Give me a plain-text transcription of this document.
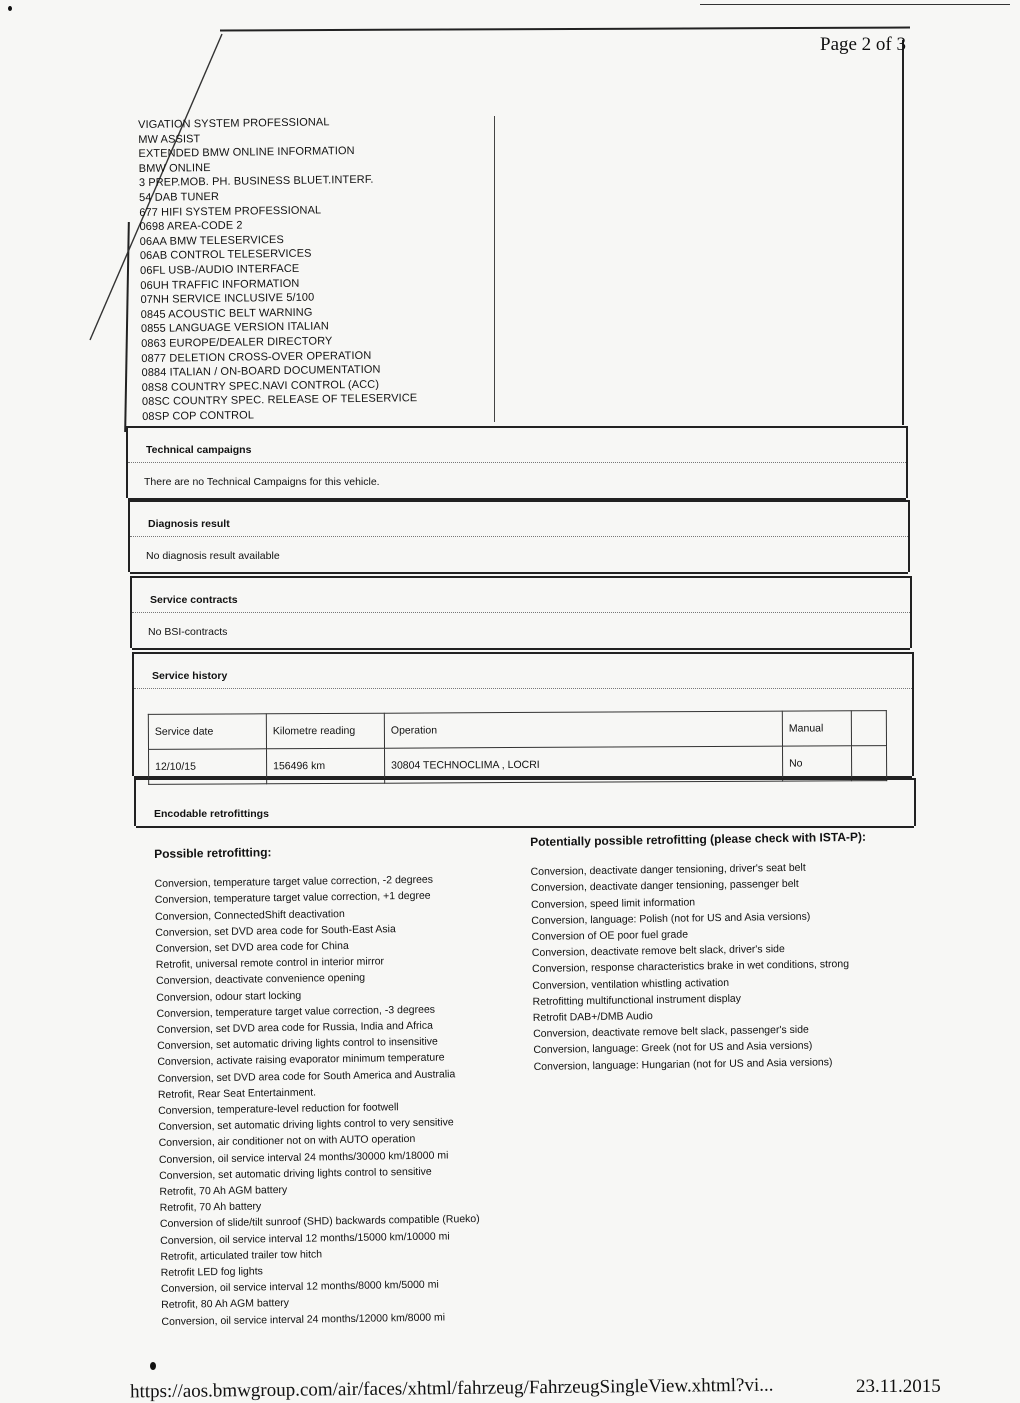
Page 2 of 3
VIGATION SYSTEM PROFESSIONAL
MW ASSIST
EXTENDED BMW ONLINE INFORMATION
BMW ONLINE
3 PREP.MOB. PH. BUSINESS BLUET.INTERF.
54 DAB TUNER
677 HIFI SYSTEM PROFESSIONAL
0698 AREA-CODE 2
06AA BMW TELESERVICES
06AB CONTROL TELESERVICES
06FL USB-/AUDIO INTERFACE
06UH TRAFFIC INFORMATION
07NH SERVICE INCLUSIVE 5/100
0845 ACOUSTIC BELT WARNING
0855 LANGUAGE VERSION ITALIAN
0863 EUROPE/DEALER DIRECTORY
0877 DELETION CROSS-OVER OPERATION
0884 ITALIAN / ON-BOARD DOCUMENTATION
08S8 COUNTRY SPEC.NAVI CONTROL (ACC)
08SC COUNTRY SPEC. RELEASE OF TELESERVICE
08SP COP CONTROL
Technical campaigns
There are no Technical Campaigns for this vehicle.
Diagnosis result
No diagnosis result available
Service contracts
No BSI-contracts
Service history
Service date	Kilometre reading	Operation	Manual	
12/10/15	156496 km	30804 TECHNOCLIMA , LOCRI	No	
Encodable retrofittings
Possible retrofitting:
Conversion, temperature target value correction, -2 degrees
Conversion, temperature target value correction, +1 degree
Conversion, ConnectedShift deactivation
Conversion, set DVD area code for South-East Asia
Conversion, set DVD area code for China
Retrofit, universal remote control in interior mirror
Conversion, deactivate convenience opening
Conversion, odour start locking
Conversion, temperature target value correction, -3 degrees
Conversion, set DVD area code for Russia, India and Africa
Conversion, set automatic driving lights control to insensitive
Conversion, activate raising evaporator minimum temperature
Conversion, set DVD area code for South America and Australia
Retrofit, Rear Seat Entertainment.
Conversion, temperature-level reduction for footwell
Conversion, set automatic driving lights control to very sensitive
Conversion, air conditioner not on with AUTO operation
Conversion, oil service interval 24 months/30000 km/18000 mi
Conversion, set automatic driving lights control to sensitive
Retrofit, 70 Ah AGM battery
Retrofit, 70 Ah battery
Conversion of slide/tilt sunroof (SHD) backwards compatible (Rueko)
Conversion, oil service interval 12 months/15000 km/10000 mi
Retrofit, articulated trailer tow hitch
Retrofit LED fog lights
Conversion, oil service interval 12 months/8000 km/5000 mi
Retrofit, 80 Ah AGM battery
Conversion, oil service interval 24 months/12000 km/8000 mi
Potentially possible retrofitting (please check with ISTA-P):
Conversion, deactivate danger tensioning, driver's seat belt
Conversion, deactivate danger tensioning, passenger belt
Conversion, speed limit information
Conversion, language: Polish (not for US and Asia versions)
Conversion of OE poor fuel grade
Conversion, deactivate remove belt slack, driver's side
Conversion, response characteristics brake in wet conditions, strong
Conversion, ventilation whistling activation
Retrofitting multifunctional instrument display
Retrofit DAB+/DMB Audio
Conversion, deactivate remove belt slack, passenger's side
Conversion, language: Greek (not for US and Asia versions)
Conversion, language: Hungarian (not for US and Asia versions)
https://aos.bmwgroup.com/air/faces/xhtml/fahrzeug/FahrzeugSingleView.xhtml?vi...	23.11.2015
